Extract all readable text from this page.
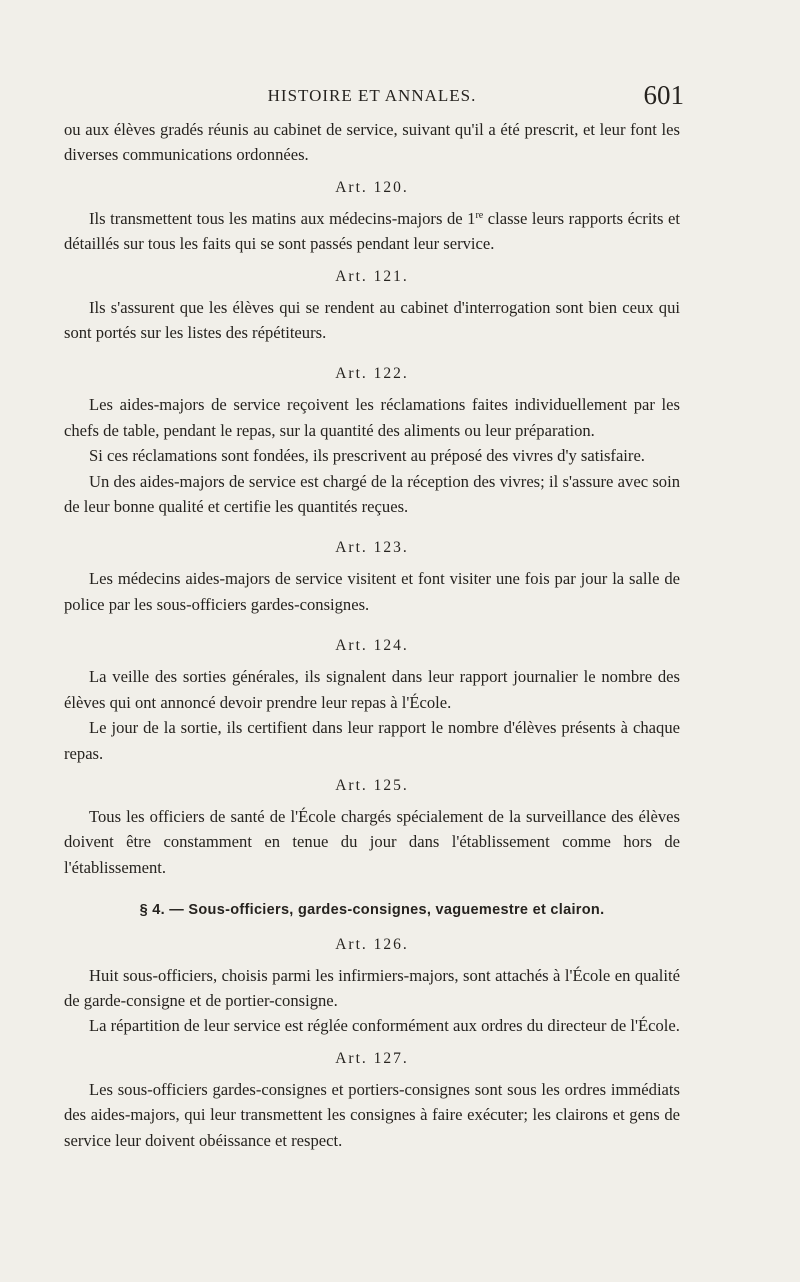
HISTOIRE ET ANNALES.	601

ou aux élèves gradés réunis au cabinet de service, suivant qu'il a été prescrit, et leur font les diverses communications ordonnées.

Art. 120.

Ils transmettent tous les matins aux médecins-majors de 1re classe leurs rapports écrits et détaillés sur tous les faits qui se sont passés pendant leur service.

Art. 121.

Ils s'assurent que les élèves qui se rendent au cabinet d'interrogation sont bien ceux qui sont portés sur les listes des répétiteurs.

Art. 122.

Les aides-majors de service reçoivent les réclamations faites individuellement par les chefs de table, pendant le repas, sur la quantité des aliments ou leur préparation.

Si ces réclamations sont fondées, ils prescrivent au préposé des vivres d'y satisfaire.

Un des aides-majors de service est chargé de la réception des vivres; il s'assure avec soin de leur bonne qualité et certifie les quantités reçues.

Art. 123.

Les médecins aides-majors de service visitent et font visiter une fois par jour la salle de police par les sous-officiers gardes-consignes.

Art. 124.

La veille des sorties générales, ils signalent dans leur rapport journalier le nombre des élèves qui ont annoncé devoir prendre leur repas à l'École.

Le jour de la sortie, ils certifient dans leur rapport le nombre d'élèves présents à chaque repas.

Art. 125.

Tous les officiers de santé de l'École chargés spécialement de la surveillance des élèves doivent être constamment en tenue du jour dans l'établissement comme hors de l'établissement.

§ 4. — Sous-officiers, gardes-consignes, vaguemestre et clairon.
Art. 126.

Huit sous-officiers, choisis parmi les infirmiers-majors, sont attachés à l'École en qualité de garde-consigne et de portier-consigne.

La répartition de leur service est réglée conformément aux ordres du directeur de l'École.

Art. 127.

Les sous-officiers gardes-consignes et portiers-consignes sont sous les ordres immédiats des aides-majors, qui leur transmettent les consignes à faire exécuter; les clairons et gens de service leur doivent obéissance et respect.
